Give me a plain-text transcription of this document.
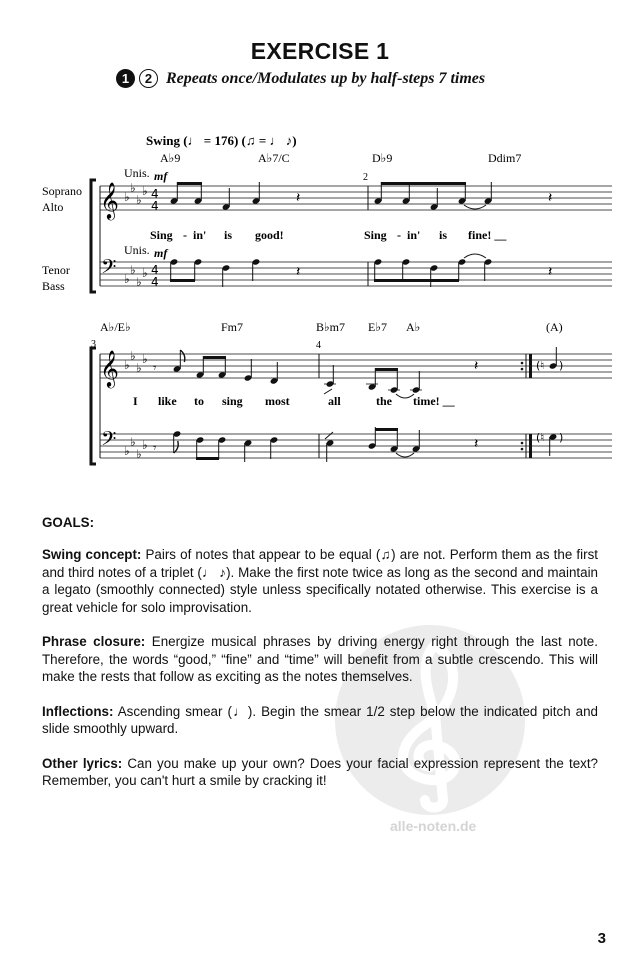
alle-noten.de
EXERCISE 1
1	2 Repeats once/Modulates up by half-steps 7 times
Swing (♩ = 176) (♫ = ♩ ♪)
A♭9	A♭7/C	D♭9	Ddim7
Soprano
Alto
Tenor
Bass
Unis.
Unis.
mf
mf
2
Sing - in' is good!	Sing - in' is fine! __
A♭/E♭	Fm7	B♭m7 E♭7 A♭	(A)
3	4
I like to sing most	all	the time! __
𝄞 ♭
♭
♭
♭ 4
4
𝄢 ♭
♭
♭
♭ 4
4
𝄽	𝄽
𝄽	𝄽
𝄞 ♭
♭
♭
♭
𝄢 ♭
♭
♭
♭
𝄾
𝄾
𝄽	(♮ )
(♮ )
𝄽
GOALS:
Swing concept: Pairs of notes that appear to be equal (♫) are not. Perform them as the first and third notes of a triplet (♩ ♪). Make the first note twice as long as the second and maintain a legato (smoothly connected) style unless specifically notated otherwise. This exercise is a great vehicle for solo improvisation.
Phrase closure: Energize musical phrases by driving energy right through the last note. Therefore, the words “good,” “fine” and “time” will benefit from a subtle crescendo. This will make the rests that follow as exciting as the notes themselves.
Inflections: Ascending smear (♩). Begin the smear 1/2 step below the indicated pitch and slide smoothly upward.
Other lyrics: Can you make up your own? Does your facial expression represent the text? Remember, you can't hurt a smile by cracking it!
3
